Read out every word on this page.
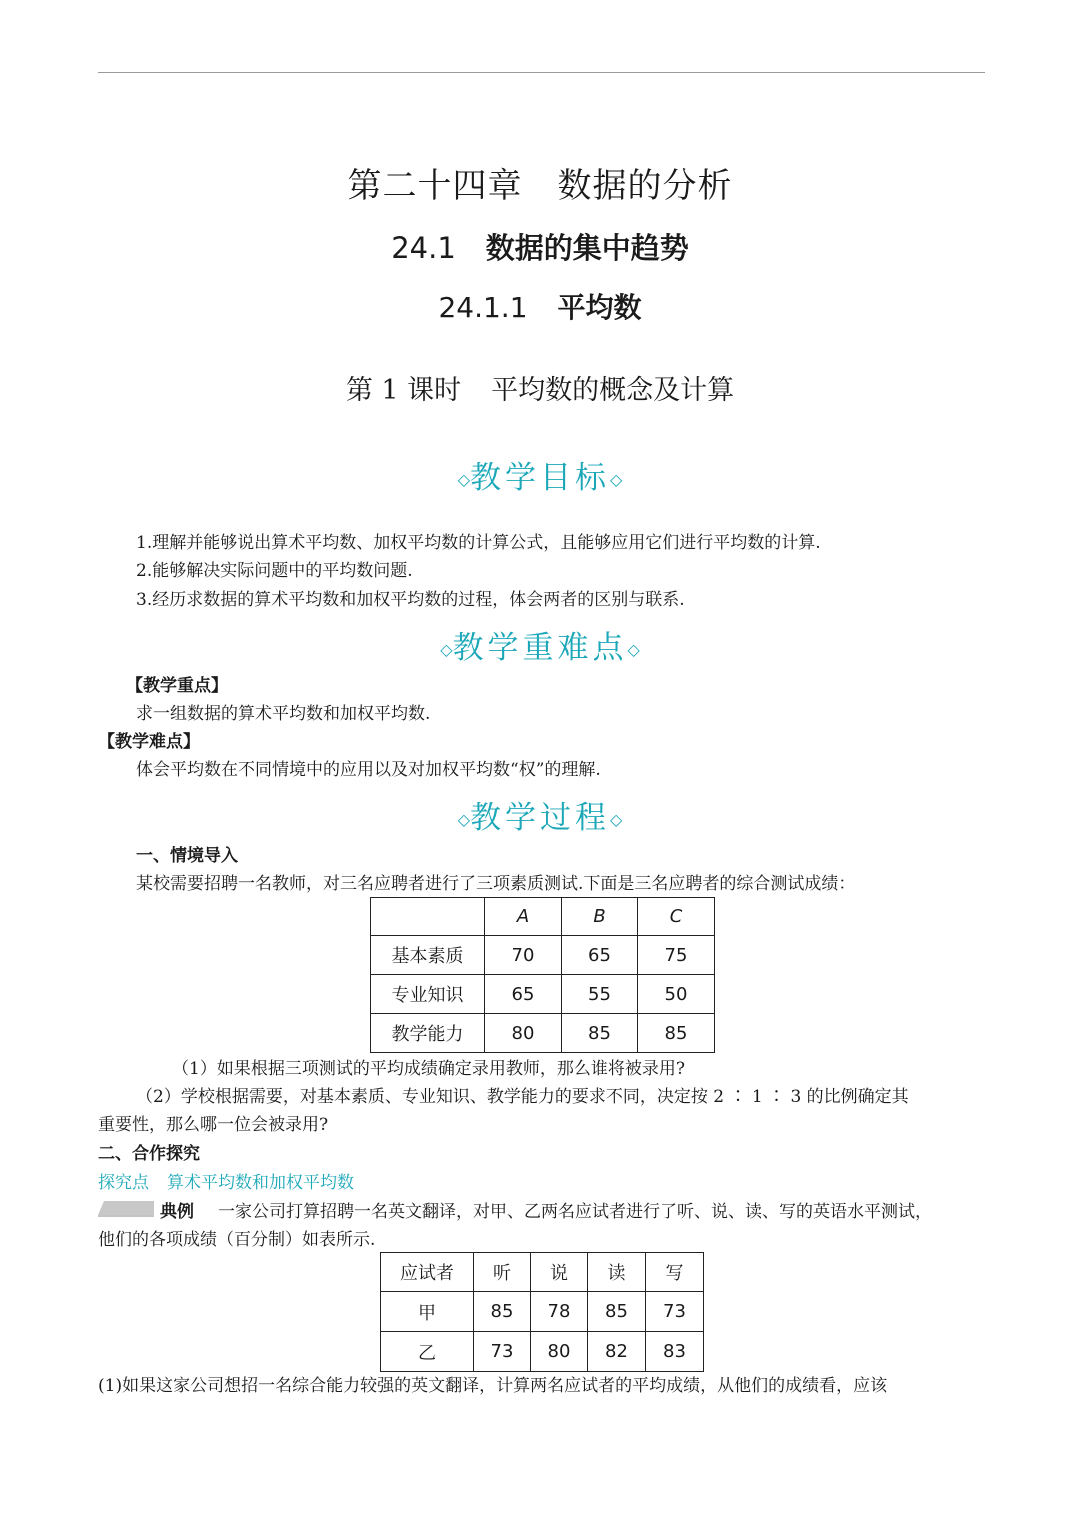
第二十四章　数据的分析
24.1 数据的集中趋势
24.1.1 平均数
第 1 课时 平均数的概念及计算
◇教学目标◇
1.理解并能够说出算术平均数、加权平均数的计算公式，且能够应用它们进行平均数的计算.
2.能够解决实际问题中的平均数问题.
3.经历求数据的算术平均数和加权平均数的过程，体会两者的区别与联系.
◇教学重难点◇
【教学重点】
求一组数据的算术平均数和加权平均数.
【教学难点】
体会平均数在不同情境中的应用以及对加权平均数“权”的理解.
◇教学过程◇
一、情境导入
某校需要招聘一名教师，对三名应聘者进行了三项素质测试.下面是三名应聘者的综合测试成绩：
	A	B	C
基本素质	70	65	75
专业知识	65	55	50
教学能力	80	85	85
（1）如果根据三项测试的平均成绩确定录用教师，那么谁将被录用?
（2）学校根据需要，对基本素质、专业知识、教学能力的要求不同，决定按 2 ∶ 1 ∶ 3 的比例确定其
重要性，那么哪一位会被录用?
二、合作探究
探究点 算术平均数和加权平均数
典例 一家公司打算招聘一名英文翻译，对甲、乙两名应试者进行了听、说、读、写的英语水平测试，
他们的各项成绩（百分制）如表所示.
应试者	听	说	读	写
甲	85	78	85	73
乙	73	80	82	83
(1)如果这家公司想招一名综合能力较强的英文翻译，计算两名应试者的平均成绩，从他们的成绩看，应该
